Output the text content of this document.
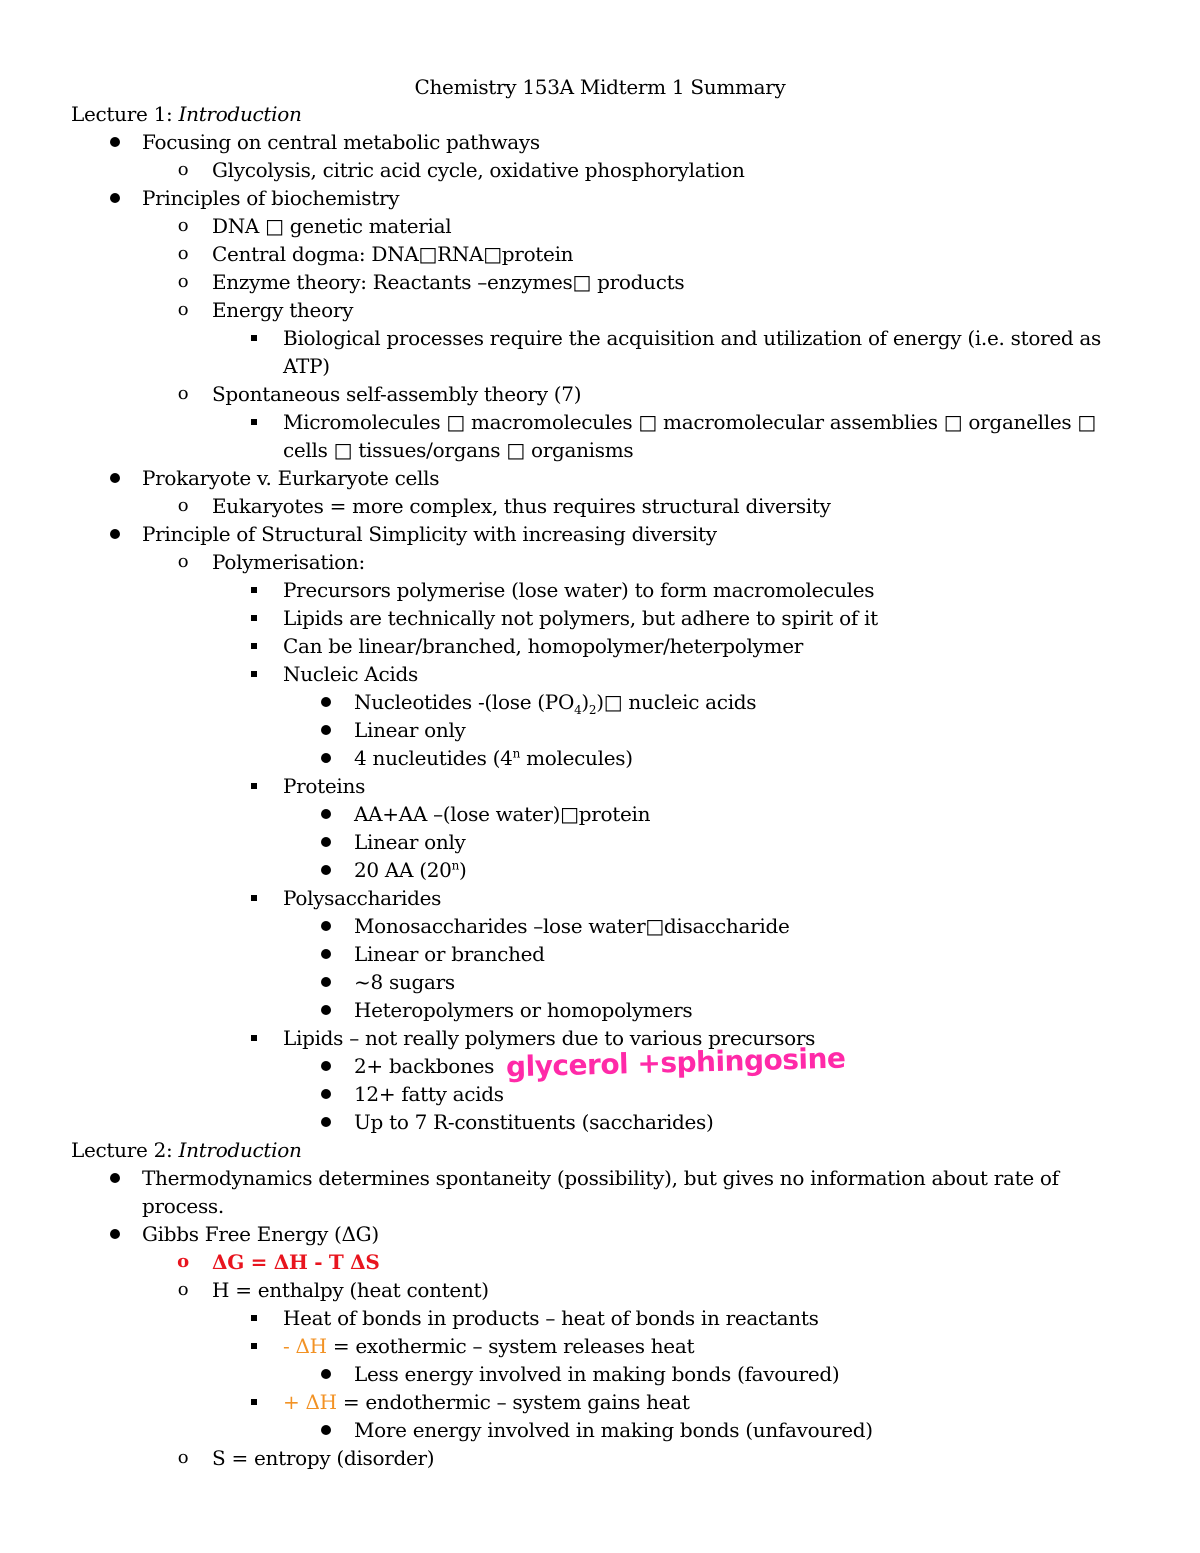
Chemistry 153A Midterm 1 Summary
Lecture 1: Introduction
Focusing on central metabolic pathways
o Glycolysis, citric acid cycle, oxidative phosphorylation
Principles of biochemistry
o DNA □ genetic material
o Central dogma: DNA□RNA□protein
o Enzyme theory: Reactants –enzymes□ products
o Energy theory
Biological processes require the acquisition and utilization of energy (i.e. stored as
ATP)
o Spontaneous self-assembly theory (7)
Micromolecules □ macromolecules □ macromolecular assemblies □ organelles □
cells □ tissues/organs □ organisms
Prokaryote v. Eurkaryote cells
o Eukaryotes = more complex, thus requires structural diversity
Principle of Structural Simplicity with increasing diversity
o Polymerisation:
Precursors polymerise (lose water) to form macromolecules
Lipids are technically not polymers, but adhere to spirit of it
Can be linear/branched, homopolymer/heterpolymer
Nucleic Acids
Nucleotides -(lose $(PO_4)_2)□$ nucleic acids
Linear only
4 nucleutides (4$^n$ molecules)
Proteins
AA+AA –(lose water)□protein
Linear only
20 AA (20$^n$)
Polysaccharides
Monosaccharides –lose water□disaccharide
Linear or branched
~8 sugars
Heteropolymers or homopolymers
Lipids – not really polymers due to various precursors
2+ backbones glycerol +sphingosine
12+ fatty acids
Up to 7 R-constituents (saccharides)
Lecture 2: Introduction
Thermodynamics determines spontaneity (possibility), but gives no information about rate of
process.
Gibbs Free Energy (ΔG)
o ΔG = ΔH - T ΔS
o H = enthalpy (heat content)
Heat of bonds in products – heat of bonds in reactants
- ΔH = exothermic – system releases heat
Less energy involved in making bonds (favoured)
+ ΔH = endothermic – system gains heat
More energy involved in making bonds (unfavoured)
o S = entropy (disorder)
